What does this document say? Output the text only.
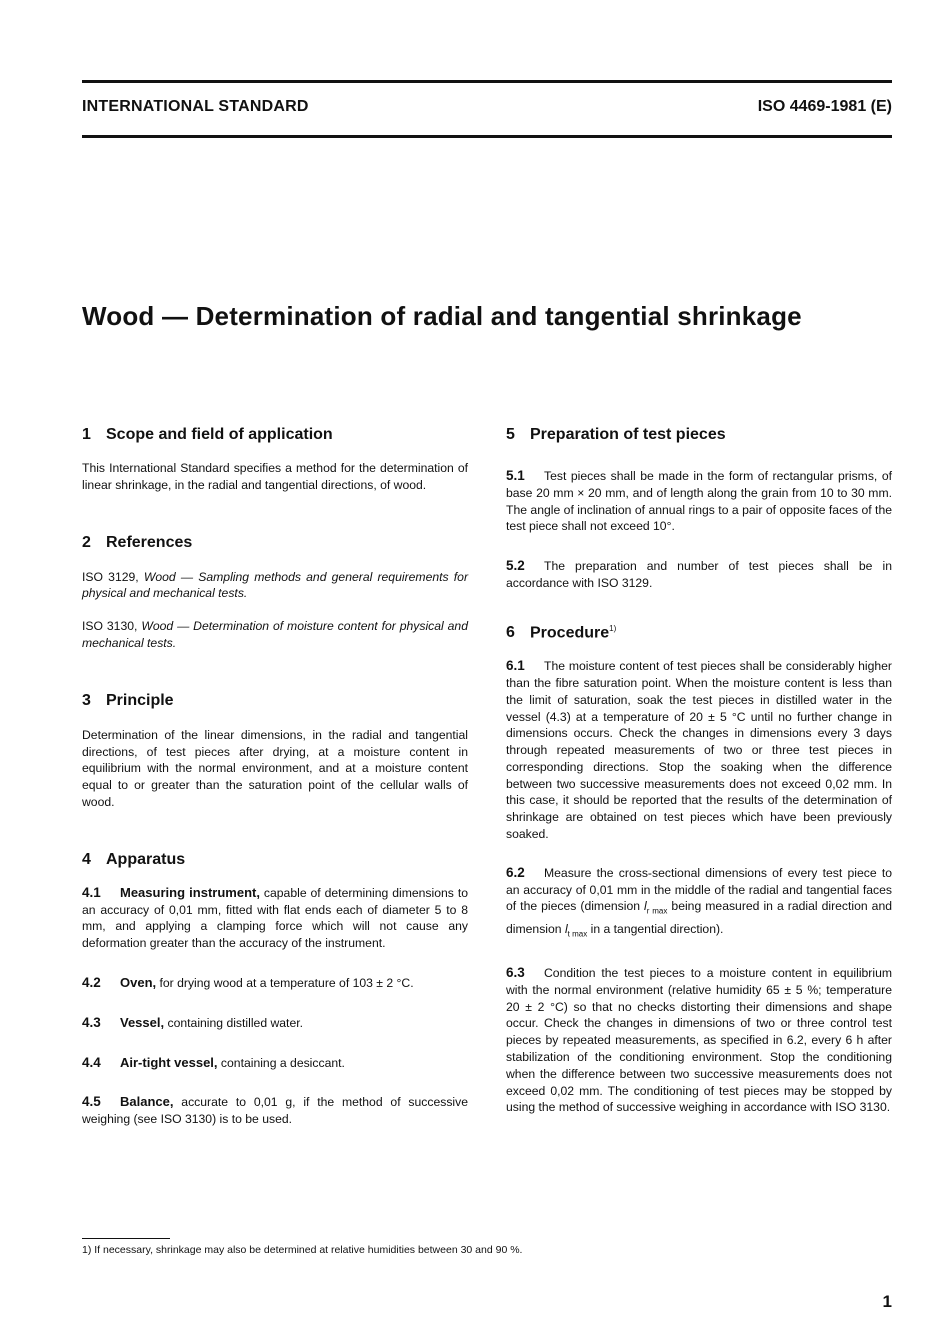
INTERNATIONAL STANDARD	ISO 4469-1981 (E)
Wood — Determination of radial and tangential shrinkage
1 Scope and field of application

This International Standard specifies a method for the determination of linear shrinkage, in the radial and tangential directions, of wood.

2 References

ISO 3129, Wood — Sampling methods and general requirements for physical and mechanical tests.

ISO 3130, Wood — Determination of moisture content for physical and mechanical tests.

3 Principle

Determination of the linear dimensions, in the radial and tangential directions, of test pieces after drying, at a moisture content in equilibrium with the normal environment, and at a moisture content equal to or greater than the saturation point of the cellular walls of wood.

4 Apparatus

4.1 Measuring instrument, capable of determining dimensions to an accuracy of 0,01 mm, fitted with flat ends each of diameter 5 to 8 mm, and applying a clamping force which will not cause any deformation greater than the accuracy of the instrument.

4.2 Oven, for drying wood at a temperature of 103 ± 2 °C.

4.3 Vessel, containing distilled water.

4.4 Air-tight vessel, containing a desiccant.

4.5 Balance, accurate to 0,01 g, if the method of successive weighing (see ISO 3130) is to be used.

5 Preparation of test pieces

5.1 Test pieces shall be made in the form of rectangular prisms, of base 20 mm × 20 mm, and of length along the grain from 10 to 30 mm. The angle of inclination of annual rings to a pair of opposite faces of the test piece shall not exceed 10°.

5.2 The preparation and number of test pieces shall be in accordance with ISO 3129.

6 Procedure$^{1)}$

6.1 The moisture content of test pieces shall be considerably higher than the fibre saturation point. When the moisture content is less than the limit of saturation, soak the test pieces in distilled water in the vessel (4.3) at a temperature of 20 ± 5 °C until no further change in dimensions occurs. Check the changes in dimensions every 3 days through repeated measurements of two or three test pieces in corresponding directions. Stop the soaking when the difference between two successive measurements does not exceed 0,02 mm. In this case, it should be reported that the results of the determination of shrinkage are obtained on test pieces which have been previously soaked.

6.2 Measure the cross-sectional dimensions of every test piece to an accuracy of 0,01 mm in the middle of the radial and tangential faces of the pieces (dimension $l_{r max}$ being measured in a radial direction and dimension $l_{t max}$ in a tangential direction).

6.3 Condition the test pieces to a moisture content in equilibrium with the normal environment (relative humidity 65 ± 5 %; temperature 20 ± 2 °C) so that no checks distorting their dimensions and shape occur. Check the changes in dimensions of two or three control test pieces by repeated measurements, as specified in 6.2, every 6 h after stabilization of the conditioning environment. Stop the conditioning when the difference between two successive measurements does not exceed 0,02 mm. The conditioning of test pieces may be stopped by using the method of successive weighing in accordance with ISO 3130.

1) If necessary, shrinkage may also be determined at relative humidities between 30 and 90 %.
1
